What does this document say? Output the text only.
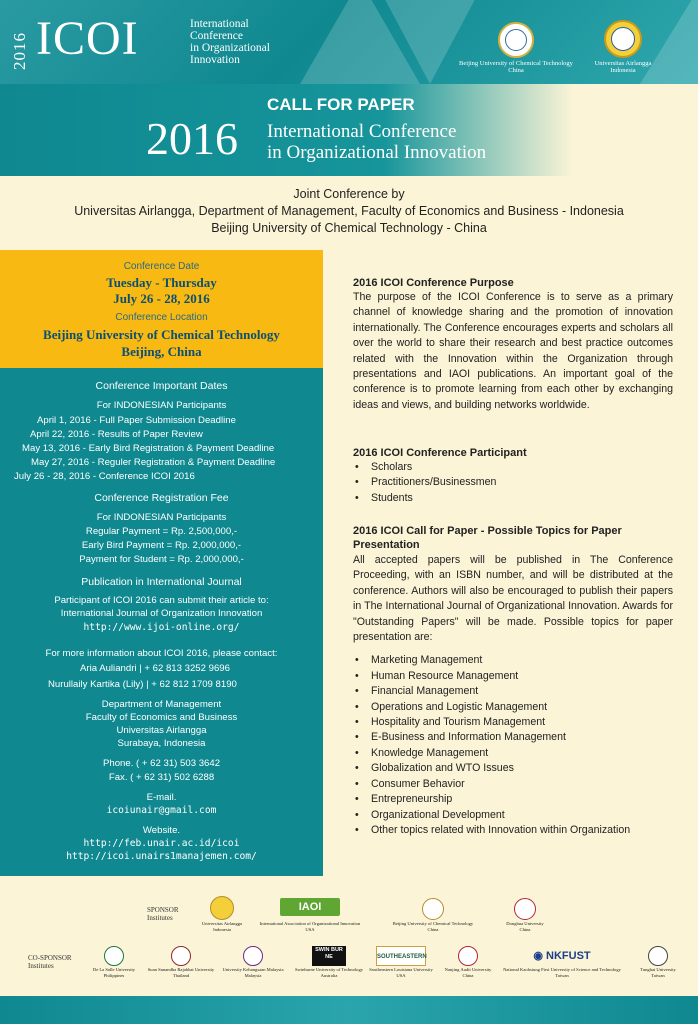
2016 ICOI	International
Conference
in Organizational
Innovation	Beijing University of Chemical Technology
China
Universitas Airlangga
Indonesia
CALL FOR PAPER
2016 International Conference
in Organizational Innovation
Joint Conference by
Universitas Airlangga, Department of Management, Faculty of Economics and Business - Indonesia
Beijing University of Chemical Technology - China
Conference Date
Tuesday - Thursday
July 26 - 28, 2016
Conference Location
Beijing University of Chemical Technology
Beijing, China
Conference Important Dates
For INDONESIAN Participants
April 1, 2016 - Full Paper Submission Deadline
April 22, 2016 - Results of Paper Review
May 13, 2016 - Early Bird Registration & Payment Deadline
May 27, 2016 - Reguler Registration & Payment Deadline
July 26 - 28, 2016 - Conference ICOI 2016
Conference Registration Fee
For INDONESIAN Participants
Regular Payment = Rp. 2,500,000,-
Early Bird Payment = Rp. 2,000,000,-
Payment for Student = Rp. 2,000,000,-
Publication in International Journal
Participant of ICOI 2016 can submit their article to:
International Journal of Organization Innovation
http://www.ijoi-online.org/
For more information about ICOI 2016, please contact:
Aria Auliandri | + 62 813 3252 9696
Nurullaily Kartika (Lily) | + 62 812 1709 8190
Department of Management
Faculty of Economics and Business
Universitas Airlangga
Surabaya, Indonesia
Phone. ( + 62 31) 503 3642
Fax. ( + 62 31) 502 6288
E-mail.
icoiunair@gmail.com
Website.
http://feb.unair.ac.id/icoi
http://icoi.unairs1manajemen.com/
2016 ICOI Conference Purpose
The purpose of the ICOI Conference is to serve as a primary channel of knowledge sharing and the promotion of innovation internationally. The Conference encourages experts and scholars all over the world to share their research and best practice outcomes related with the Innovation within the Organization through presentations and IAOI publications. An important goal of the conference is to promote learning from each other by exchanging ideas and views, and building networks worldwide.
2016 ICOI Conference Participant
• Scholars
• Practitioners/Businessmen
• Students
2016 ICOI Call for Paper - Possible Topics for Paper Presentation
All accepted papers will be published in The Conference Proceeding, with an ISBN number, and will be distributed at the conference. Authors will also be encouraged to publish their papers in The International Journal of Organizational Innovation. Awards for "Outstanding Papers" will be made. Possible topics for paper presentation are:
• Marketing Management
• Human Resource Management
• Financial Management
• Operations and Logistic Management
• Hospitality and Tourism Management
• E-Business and Information Management
• Knowledge Management
• Globalization and WTO Issues
• Consumer Behavior
• Entrepreneurship
• Organizational Development
• Other topics related with Innovation within Organization
SPONSOR
Institutes
Universitas Airlangga
Indonesia
IAOI
International Association of Organizational Innovation
USA
Beijing University of Chemical Technology
China
Donghua University
China
CO-SPONSOR
Institutes	De La Salle University
Philippines
Suan Sunandha Rajabhat University
Thailand
University Kebangsaan Malaysia
Malaysia
SWIN BUR NE
Swinburne University of Technology
Australia
SOUTHEASTERN
Southeastern Louisiana University
USA
Nanjing Audit University
China
◉ NKFUST
National Kaohsiung First University of Science and Technology
Taiwan
Tunghai University
Taiwan
